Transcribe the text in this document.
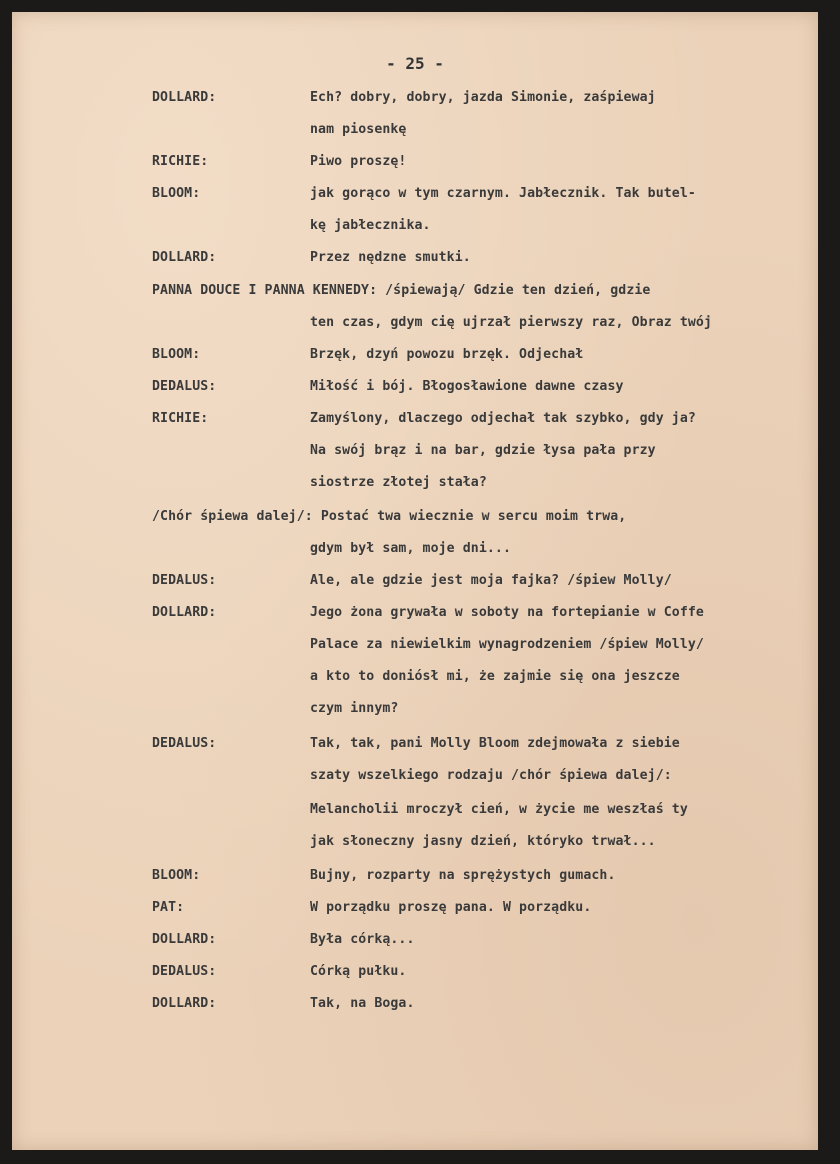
- 25 -
DOLLARD:	Ech? dobry, dobry, jazda Simonie, zaśpiewaj
nam piosenkę
RICHIE:	Piwo proszę!
BLOOM:	jak gorąco w tym czarnym. Jabłecznik. Tak butel-
kę jabłecznika.
DOLLARD:	Przez nędzne smutki.
PANNA DOUCE I PANNA KENNEDY: /śpiewają/ Gdzie ten dzień, gdzie
ten czas, gdym cię ujrzał pierwszy raz, Obraz twój
BLOOM:	Brzęk, dzyń powozu brzęk. Odjechał
DEDALUS:	Miłość i bój. Błogosławione dawne czasy
RICHIE:	Zamyślony, dlaczego odjechał tak szybko, gdy ja?
Na swój brąz i na bar, gdzie łysa pała przy
siostrze złotej stała?
/Chór śpiewa dalej/: Postać twa wiecznie w sercu moim trwa,
gdym był sam, moje dni...
DEDALUS:	Ale, ale gdzie jest moja fajka? /śpiew Molly/
DOLLARD:	Jego żona grywała w soboty na fortepianie w Coffe
Palace za niewielkim wynagrodzeniem /śpiew Molly/
a kto to doniósł mi, że zajmie się ona jeszcze
czym innym?
DEDALUS:	Tak, tak, pani Molly Bloom zdejmowała z siebie
szaty wszelkiego rodzaju /chór śpiewa dalej/:
Melancholii mroczył cień, w życie me weszłaś ty
jak słoneczny jasny dzień, któryko trwał...
BLOOM:	Bujny, rozparty na sprężystych gumach.
PAT:	W porządku proszę pana. W porządku.
DOLLARD:	Była córką...
DEDALUS:	Córką pułku.
DOLLARD:	Tak, na Boga.
